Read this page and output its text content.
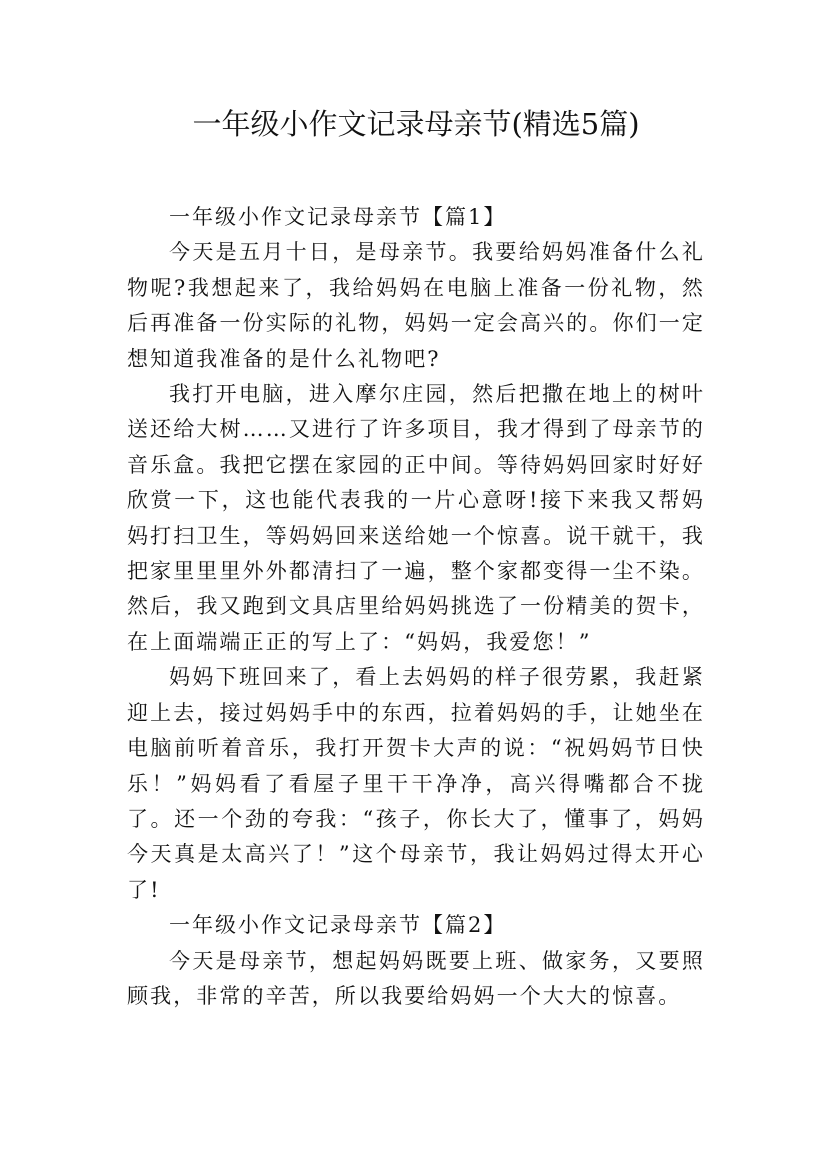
一年级小作文记录母亲节(精选5篇)

一年级小作文记录母亲节【篇1】

今天是五月十日，是母亲节。我要给妈妈准备什么礼物呢?我想起来了，我给妈妈在电脑上准备一份礼物，然后再准备一份实际的礼物，妈妈一定会高兴的。你们一定想知道我准备的是什么礼物吧?

我打开电脑，进入摩尔庄园，然后把撒在地上的树叶送还给大树……又进行了许多项目，我才得到了母亲节的音乐盒。我把它摆在家园的正中间。等待妈妈回家时好好欣赏一下，这也能代表我的一片心意呀!接下来我又帮妈妈打扫卫生，等妈妈回来送给她一个惊喜。说干就干，我把家里里里外外都清扫了一遍，整个家都变得一尘不染。然后，我又跑到文具店里给妈妈挑选了一份精美的贺卡，在上面端端正正的写上了：“妈妈，我爱您！”

妈妈下班回来了，看上去妈妈的样子很劳累，我赶紧迎上去，接过妈妈手中的东西，拉着妈妈的手，让她坐在电脑前听着音乐，我打开贺卡大声的说：“祝妈妈节日快乐！”妈妈看了看屋子里干干净净，高兴得嘴都合不拢了。还一个劲的夸我：“孩子，你长大了，懂事了，妈妈今天真是太高兴了！”这个母亲节，我让妈妈过得太开心了!

一年级小作文记录母亲节【篇2】

今天是母亲节，想起妈妈既要上班、做家务，又要照顾我，非常的辛苦，所以我要给妈妈一个大大的惊喜。
